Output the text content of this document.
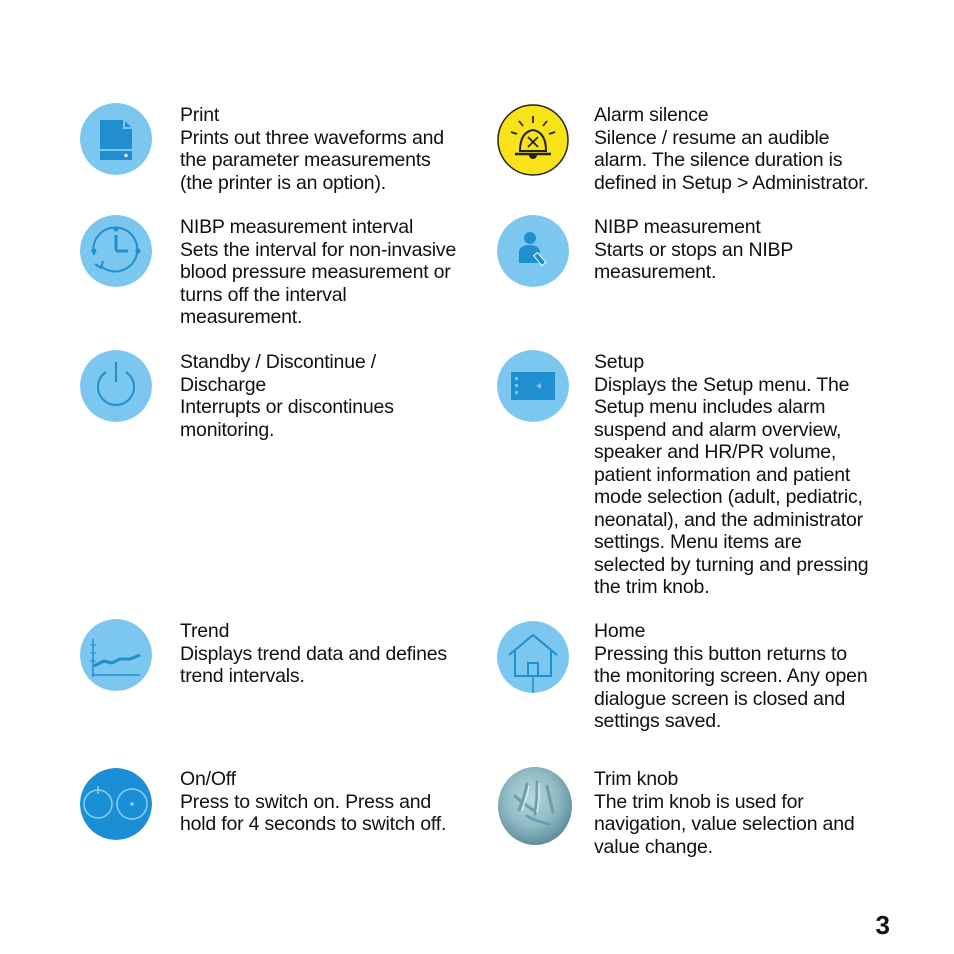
Print
Prints out three waveforms and
the parameter measurements
(the printer is an option).
Alarm silence
Silence / resume an audible
alarm. The silence duration is
defined in Setup > Administrator.
NIBP measurement interval
Sets the interval for non-invasive
blood pressure measurement or
turns off the interval
measurement.
NIBP measurement
Starts or stops an NIBP
measurement.
Standby / Discontinue /
Discharge
Interrupts or discontinues
monitoring.
Setup
Displays the Setup menu. The
Setup menu includes alarm
suspend and alarm overview,
speaker and HR/PR volume,
patient information and patient
mode selection (adult, pediatric,
neonatal), and the administrator
settings. Menu items are
selected by turning and pressing
the trim knob.
Trend
Displays trend data and defines
trend intervals.
Home
Pressing this button returns to
the monitoring screen. Any open
dialogue screen is closed and
settings saved.
On/Off
Press to switch on. Press and
hold for 4 seconds to switch off.
Trim knob
The trim knob is used for
navigation, value selection and
value change.
3
